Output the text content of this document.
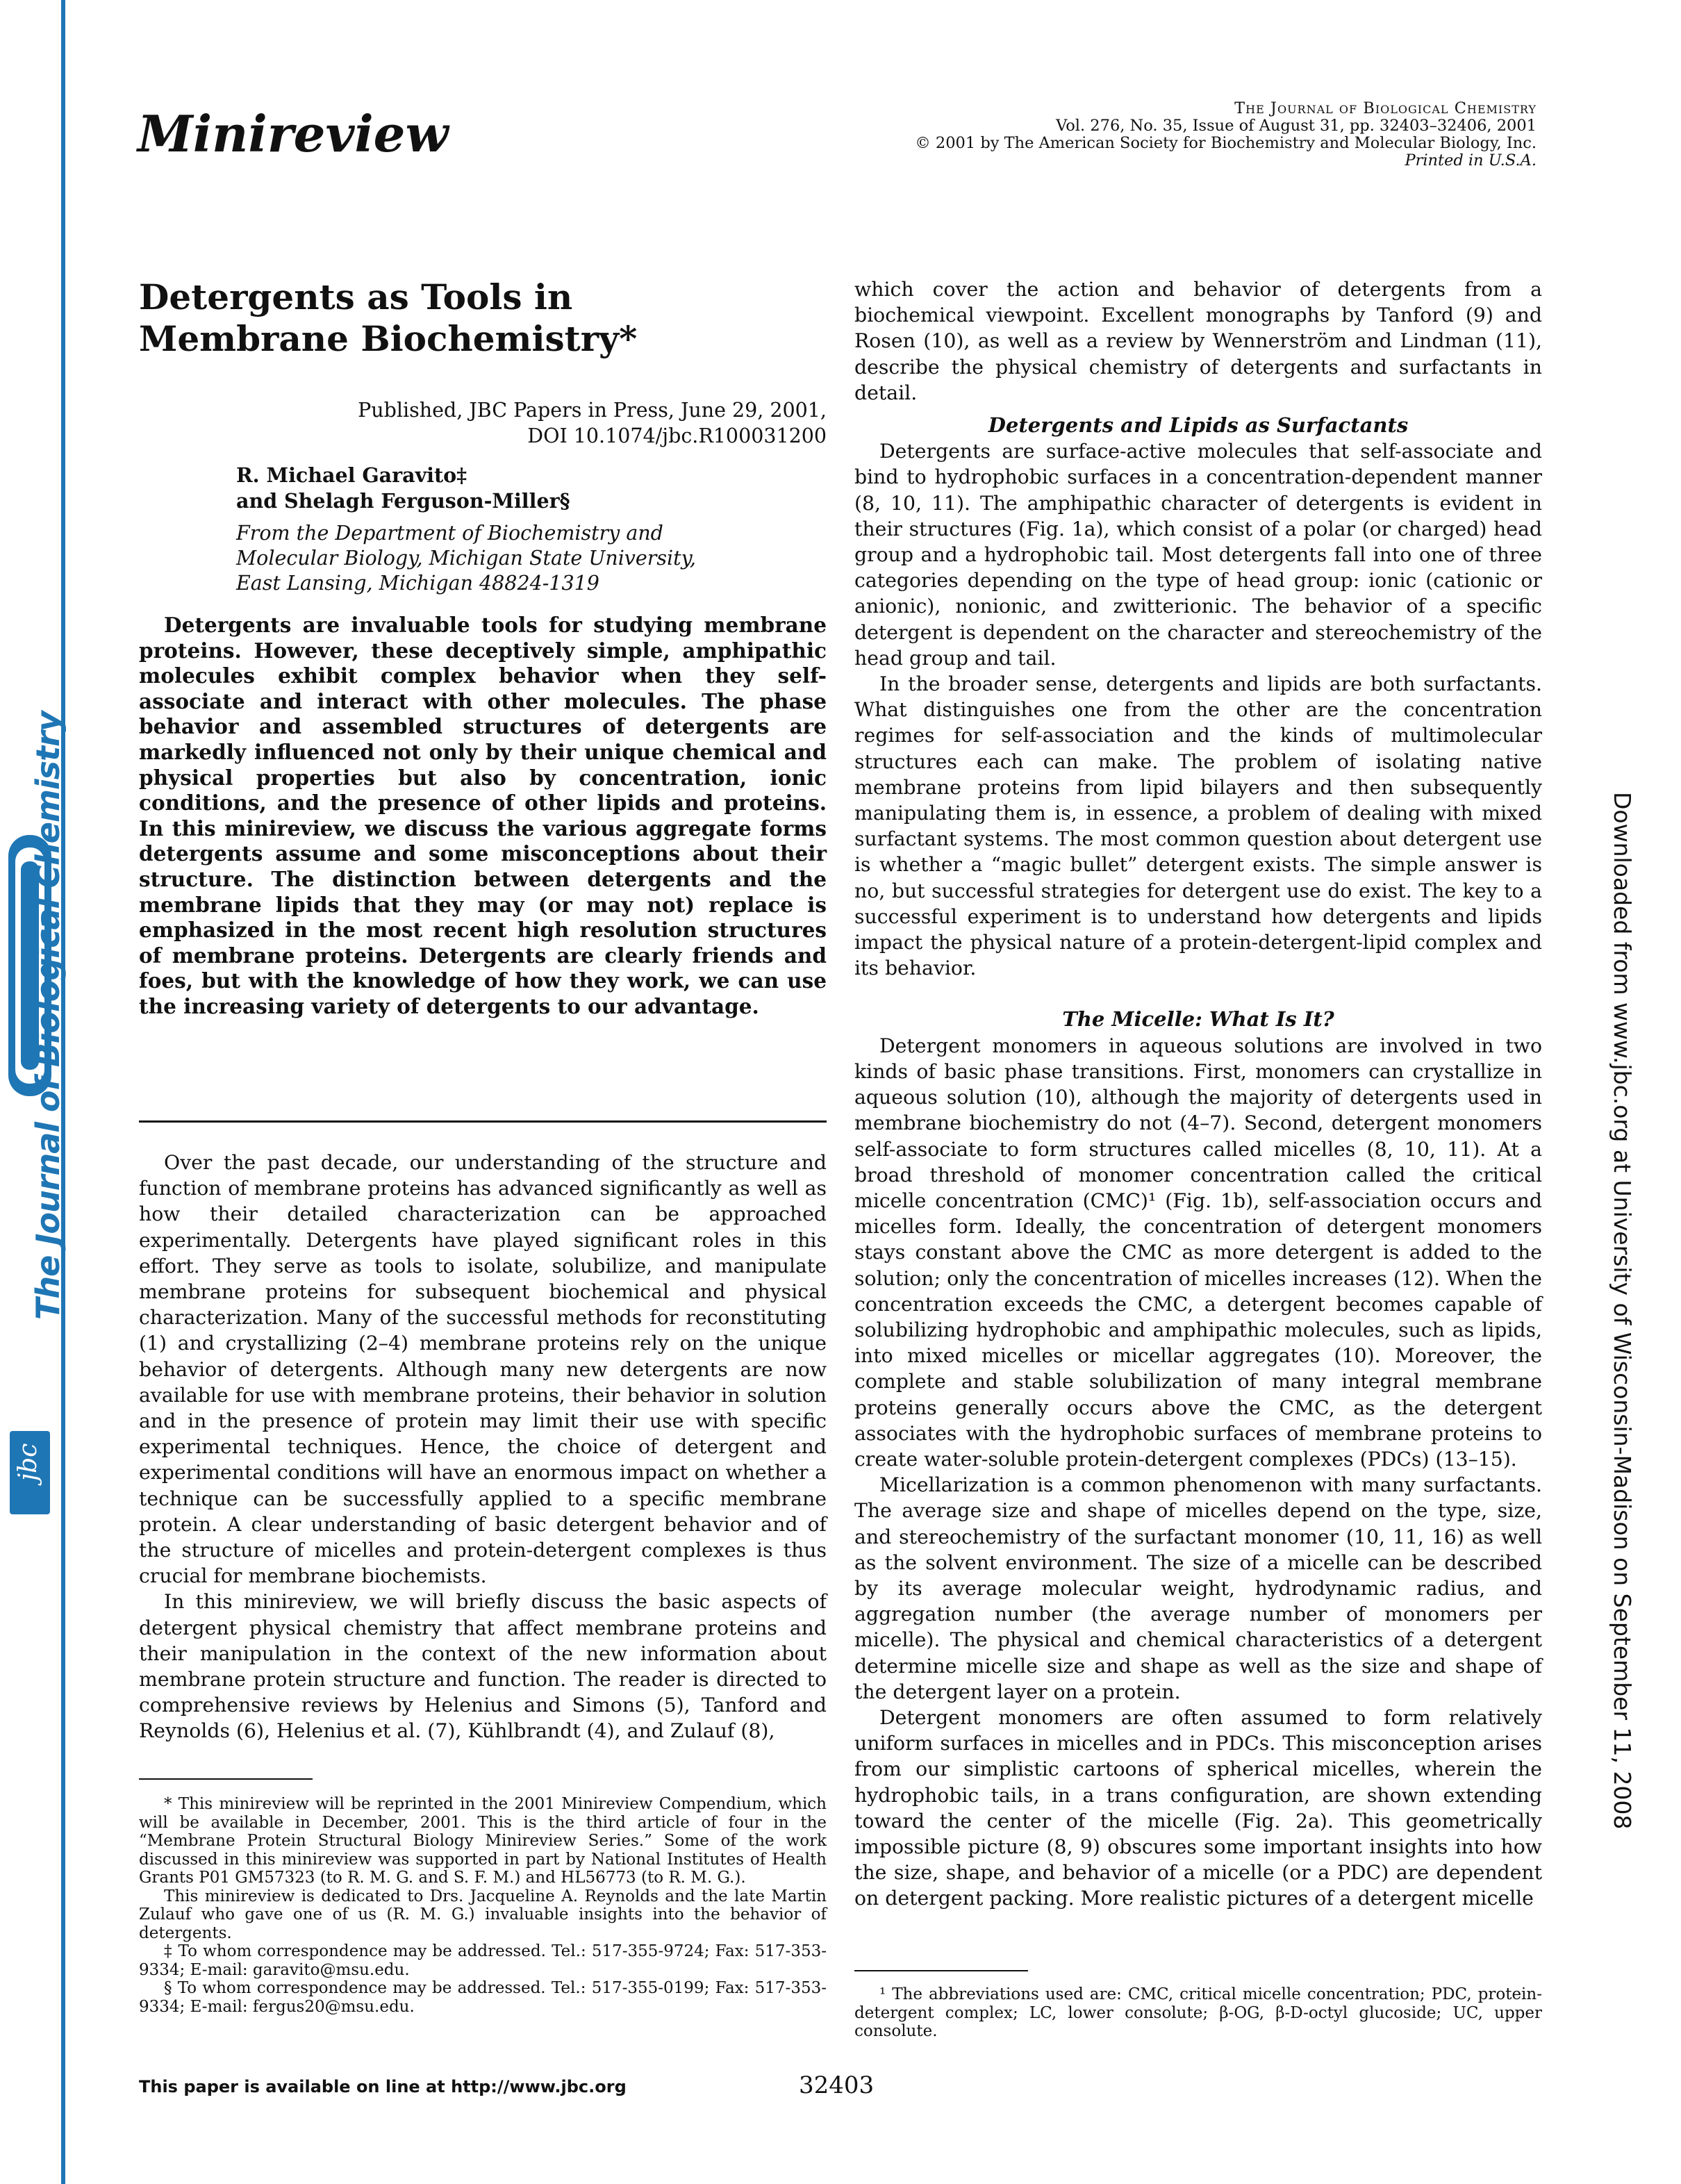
The Journal of Biological Chemistry
jbc	Downloaded from www.jbc.org at University of Wisconsin-Madison on September 11, 2008
Minireview	The Journal of Biological Chemistry
Vol. 276, No. 35, Issue of August 31, pp. 32403–32406, 2001
© 2001 by The American Society for Biochemistry and Molecular Biology, Inc.
Printed in U.S.A.
Detergents as Tools in
Membrane Biochemistry*
Published, JBC Papers in Press, June 29, 2001,
DOI 10.1074/jbc.R100031200
R. Michael Garavito‡
and Shelagh Ferguson-Miller§
From the Department of Biochemistry and
Molecular Biology, Michigan State University,
East Lansing, Michigan 48824-1319

Detergents are invaluable tools for studying membrane proteins. However, these deceptively simple, amphipathic molecules exhibit complex behavior when they self-associate and interact with other molecules. The phase behavior and assembled structures of detergents are markedly influenced not only by their unique chemical and physical properties but also by concentration, ionic conditions, and the presence of other lipids and proteins. In this minireview, we discuss the various aggregate forms detergents assume and some misconceptions about their structure. The distinction between detergents and the membrane lipids that they may (or may not) replace is emphasized in the most recent high resolution structures of membrane proteins. Detergents are clearly friends and foes, but with the knowledge of how they work, we can use the increasing variety of detergents to our advantage.

Over the past decade, our understanding of the structure and function of membrane proteins has advanced significantly as well as how their detailed characterization can be approached experimentally. Detergents have played significant roles in this effort. They serve as tools to isolate, solubilize, and manipulate membrane proteins for subsequent biochemical and physical characterization. Many of the successful methods for reconstituting (1) and crystallizing (2–4) membrane proteins rely on the unique behavior of detergents. Although many new detergents are now available for use with membrane proteins, their behavior in solution and in the presence of protein may limit their use with specific experimental techniques. Hence, the choice of detergent and experimental conditions will have an enormous impact on whether a technique can be successfully applied to a specific membrane protein. A clear understanding of basic detergent behavior and of the structure of micelles and protein-detergent complexes is thus crucial for membrane biochemists.

In this minireview, we will briefly discuss the basic aspects of detergent physical chemistry that affect membrane proteins and their manipulation in the context of the new information about membrane protein structure and function. The reader is directed to comprehensive reviews by Helenius and Simons (5), Tanford and Reynolds (6), Helenius et al. (7), Kühlbrandt (4), and Zulauf (8),

* This minireview will be reprinted in the 2001 Minireview Compendium, which will be available in December, 2001. This is the third article of four in the “Membrane Protein Structural Biology Minireview Series.” Some of the work discussed in this minireview was supported in part by National Institutes of Health Grants P01 GM57323 (to R. M. G. and S. F. M.) and HL56773 (to R. M. G.).

This minireview is dedicated to Drs. Jacqueline A. Reynolds and the late Martin Zulauf who gave one of us (R. M. G.) invaluable insights into the behavior of detergents.

‡ To whom correspondence may be addressed. Tel.: 517-355-9724; Fax: 517-353-9334; E-mail: garavito@msu.edu.

§ To whom correspondence may be addressed. Tel.: 517-355-0199; Fax: 517-353-9334; E-mail: fergus20@msu.edu.

which cover the action and behavior of detergents from a biochemical viewpoint. Excellent monographs by Tanford (9) and Rosen (10), as well as a review by Wennerström and Lindman (11), describe the physical chemistry of detergents and surfactants in detail.

Detergents and Lipids as Surfactants

Detergents are surface-active molecules that self-associate and bind to hydrophobic surfaces in a concentration-dependent manner (8, 10, 11). The amphipathic character of detergents is evident in their structures (Fig. 1a), which consist of a polar (or charged) head group and a hydrophobic tail. Most detergents fall into one of three categories depending on the type of head group: ionic (cationic or anionic), nonionic, and zwitterionic. The behavior of a specific detergent is dependent on the character and stereochemistry of the head group and tail.

In the broader sense, detergents and lipids are both surfactants. What distinguishes one from the other are the concentration regimes for self-association and the kinds of multimolecular structures each can make. The problem of isolating native membrane proteins from lipid bilayers and then subsequently manipulating them is, in essence, a problem of dealing with mixed surfactant systems. The most common question about detergent use is whether a “magic bullet” detergent exists. The simple answer is no, but successful strategies for detergent use do exist. The key to a successful experiment is to understand how detergents and lipids impact the physical nature of a protein-detergent-lipid complex and its behavior.

The Micelle: What Is It?

Detergent monomers in aqueous solutions are involved in two kinds of basic phase transitions. First, monomers can crystallize in aqueous solution (10), although the majority of detergents used in membrane biochemistry do not (4–7). Second, detergent monomers self-associate to form structures called micelles (8, 10, 11). At a broad threshold of monomer concentration called the critical micelle concentration (CMC)¹ (Fig. 1b), self-association occurs and micelles form. Ideally, the concentration of detergent monomers stays constant above the CMC as more detergent is added to the solution; only the concentration of micelles increases (12). When the concentration exceeds the CMC, a detergent becomes capable of solubilizing hydrophobic and amphipathic molecules, such as lipids, into mixed micelles or micellar aggregates (10). Moreover, the complete and stable solubilization of many integral membrane proteins generally occurs above the CMC, as the detergent associates with the hydrophobic surfaces of membrane proteins to create water-soluble protein-detergent complexes (PDCs) (13–15).

Micellarization is a common phenomenon with many surfactants. The average size and shape of micelles depend on the type, size, and stereochemistry of the surfactant monomer (10, 11, 16) as well as the solvent environment. The size of a micelle can be described by its average molecular weight, hydrodynamic radius, and aggregation number (the average number of monomers per micelle). The physical and chemical characteristics of a detergent determine micelle size and shape as well as the size and shape of the detergent layer on a protein.

Detergent monomers are often assumed to form relatively uniform surfaces in micelles and in PDCs. This misconception arises from our simplistic cartoons of spherical micelles, wherein the hydrophobic tails, in a trans configuration, are shown extending toward the center of the micelle (Fig. 2a). This geometrically impossible picture (8, 9) obscures some important insights into how the size, shape, and behavior of a micelle (or a PDC) are dependent on detergent packing. More realistic pictures of a detergent micelle

¹ The abbreviations used are: CMC, critical micelle concentration; PDC, protein-detergent complex; LC, lower consolute; β-OG, β-D-octyl glucoside; UC, upper consolute.

This paper is available on line at http://www.jbc.org	32403
